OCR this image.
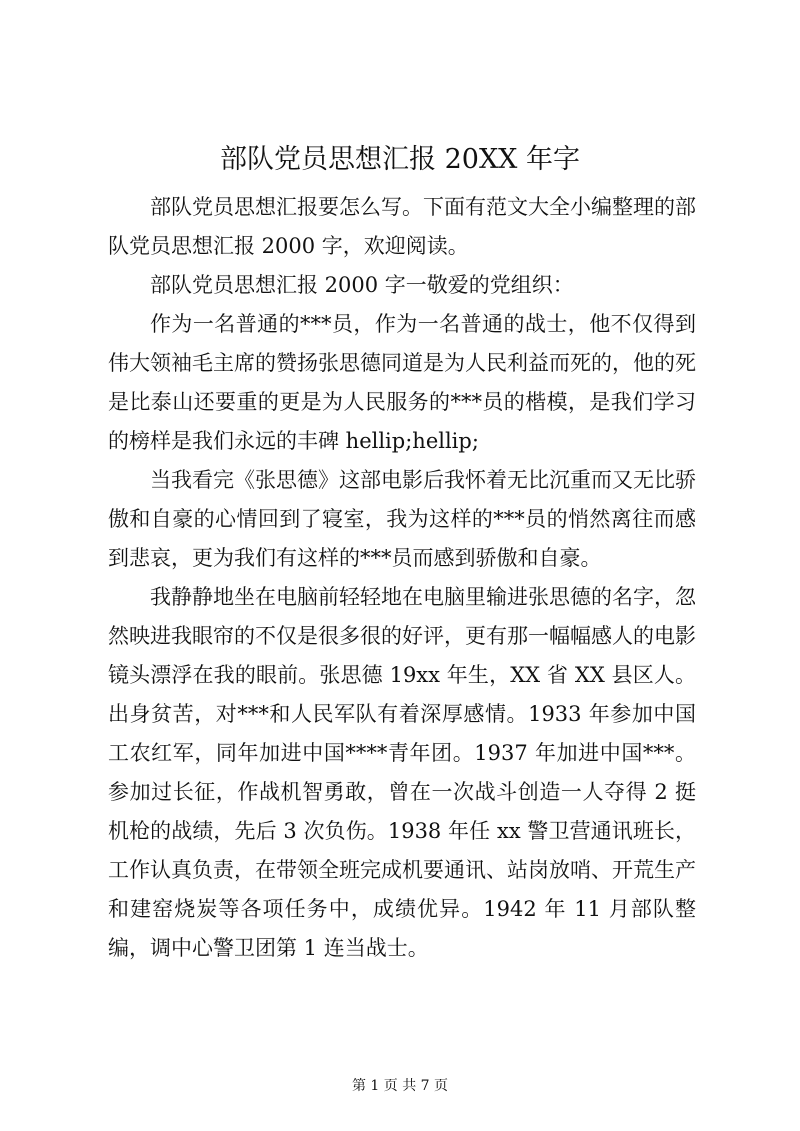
部队党员思想汇报 20XX 年字

部队党员思想汇报要怎么写。下面有范文大全小编整理的部队党员思想汇报 2000 字，欢迎阅读。

部队党员思想汇报 2000 字一敬爱的党组织：

作为一名普通的***员，作为一名普通的战士，他不仅得到伟大领袖毛主席的赞扬张思德同道是为人民利益而死的，他的死是比泰山还要重的更是为人民服务的***员的楷模，是我们学习的榜样是我们永远的丰碑 hellip;hellip;

当我看完《张思德》这部电影后我怀着无比沉重而又无比骄傲和自豪的心情回到了寝室，我为这样的***员的悄然离往而感到悲哀，更为我们有这样的***员而感到骄傲和自豪。

我静静地坐在电脑前轻轻地在电脑里输进张思德的名字，忽然映进我眼帘的不仅是很多很的好评，更有那一幅幅感人的电影镜头漂浮在我的眼前。张思德 19xx 年生，XX 省 XX 县区人。出身贫苦，对***和人民军队有着深厚感情。1933 年参加中国工农红军，同年加进中国****青年团。1937 年加进中国***。参加过长征，作战机智勇敢，曾在一次战斗创造一人夺得 2 挺机枪的战绩，先后 3 次负伤。1938 年任 xx 警卫营通讯班长，工作认真负责，在带领全班完成机要通讯、站岗放哨、开荒生产和建窑烧炭等各项任务中，成绩优异。1942 年 11 月部队整编，调中心警卫团第 1 连当战士。

第 1 页 共 7 页
